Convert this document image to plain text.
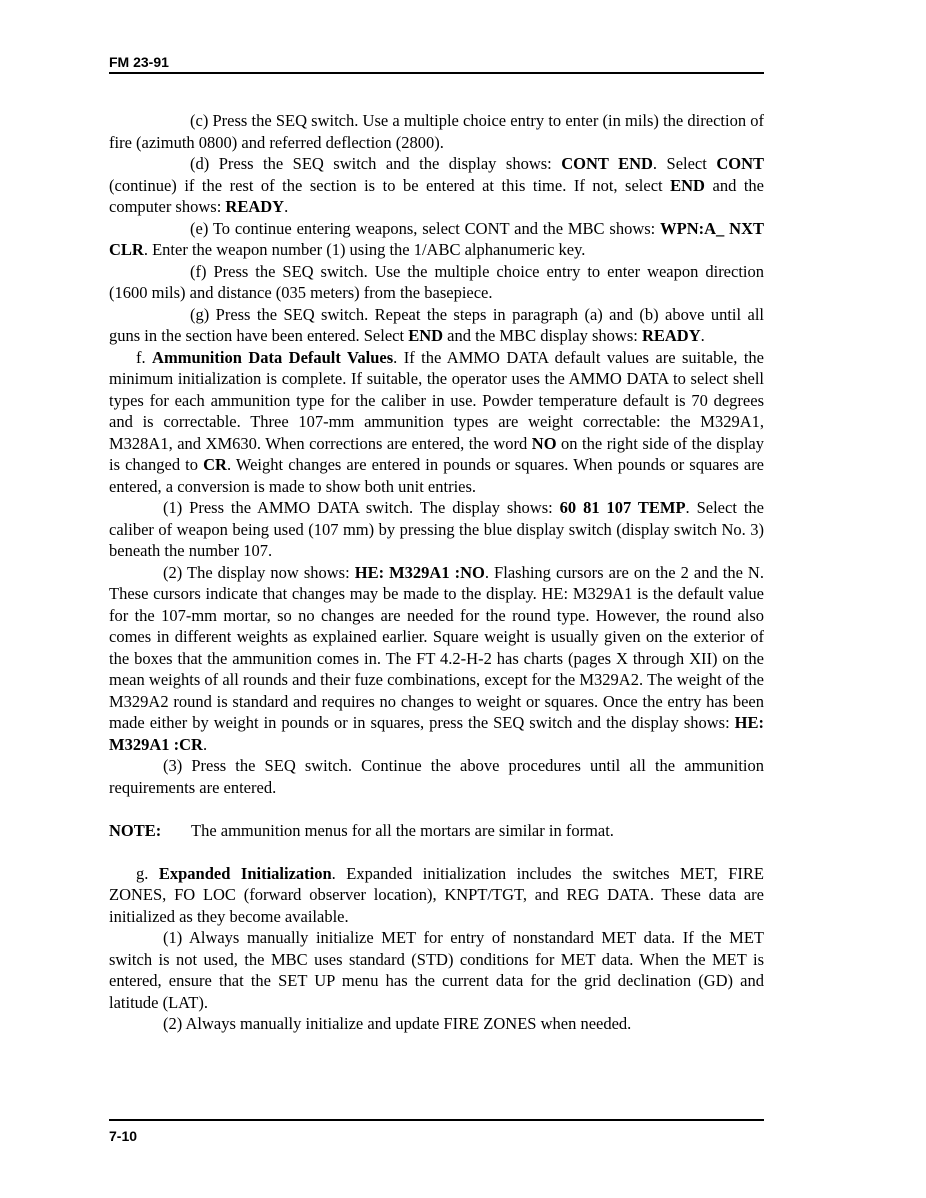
FM 23-91

(c) Press the SEQ switch. Use a multiple choice entry to enter (in mils) the direction of fire (azimuth 0800) and referred deflection (2800).

(d) Press the SEQ switch and the display shows: CONT END. Select CONT (continue) if the rest of the section is to be entered at this time. If not, select END and the computer shows: READY.

(e) To continue entering weapons, select CONT and the MBC shows: WPN:A_ NXT CLR. Enter the weapon number (1) using the 1/ABC alphanumeric key.

(f) Press the SEQ switch. Use the multiple choice entry to enter weapon direction (1600 mils) and distance (035 meters) from the basepiece.

(g) Press the SEQ switch. Repeat the steps in paragraph (a) and (b) above until all guns in the section have been entered. Select END and the MBC display shows: READY.

f. Ammunition Data Default Values. If the AMMO DATA default values are suitable, the minimum initialization is complete. If suitable, the operator uses the AMMO DATA to select shell types for each ammunition type for the caliber in use. Powder temperature default is 70 degrees and is correctable. Three 107-mm ammunition types are weight correctable: the M329A1, M328A1, and XM630. When corrections are entered, the word NO on the right side of the display is changed to CR. Weight changes are entered in pounds or squares. When pounds or squares are entered, a conversion is made to show both unit entries.

(1) Press the AMMO DATA switch. The display shows: 60 81 107 TEMP. Select the caliber of weapon being used (107 mm) by pressing the blue display switch (display switch No. 3) beneath the number 107.

(2) The display now shows: HE: M329A1 :NO. Flashing cursors are on the 2 and the N. These cursors indicate that changes may be made to the display. HE: M329A1 is the default value for the 107-mm mortar, so no changes are needed for the round type. However, the round also comes in different weights as explained earlier. Square weight is usually given on the exterior of the boxes that the ammunition comes in. The FT 4.2-H-2 has charts (pages X through XII) on the mean weights of all rounds and their fuze combinations, except for the M329A2. The weight of the M329A2 round is standard and requires no changes to weight or squares. Once the entry has been made either by weight in pounds or in squares, press the SEQ switch and the display shows: HE: M329A1 :CR.

(3) Press the SEQ switch. Continue the above procedures until all the ammunition requirements are entered.

NOTE:	The ammunition menus for all the mortars are similar in format.

g. Expanded Initialization. Expanded initialization includes the switches MET, FIRE ZONES, FO LOC (forward observer location), KNPT/TGT, and REG DATA. These data are initialized as they become available.

(1) Always manually initialize MET for entry of nonstandard MET data. If the MET switch is not used, the MBC uses standard (STD) conditions for MET data. When the MET is entered, ensure that the SET UP menu has the current data for the grid declination (GD) and latitude (LAT).

(2) Always manually initialize and update FIRE ZONES when needed.

7-10
